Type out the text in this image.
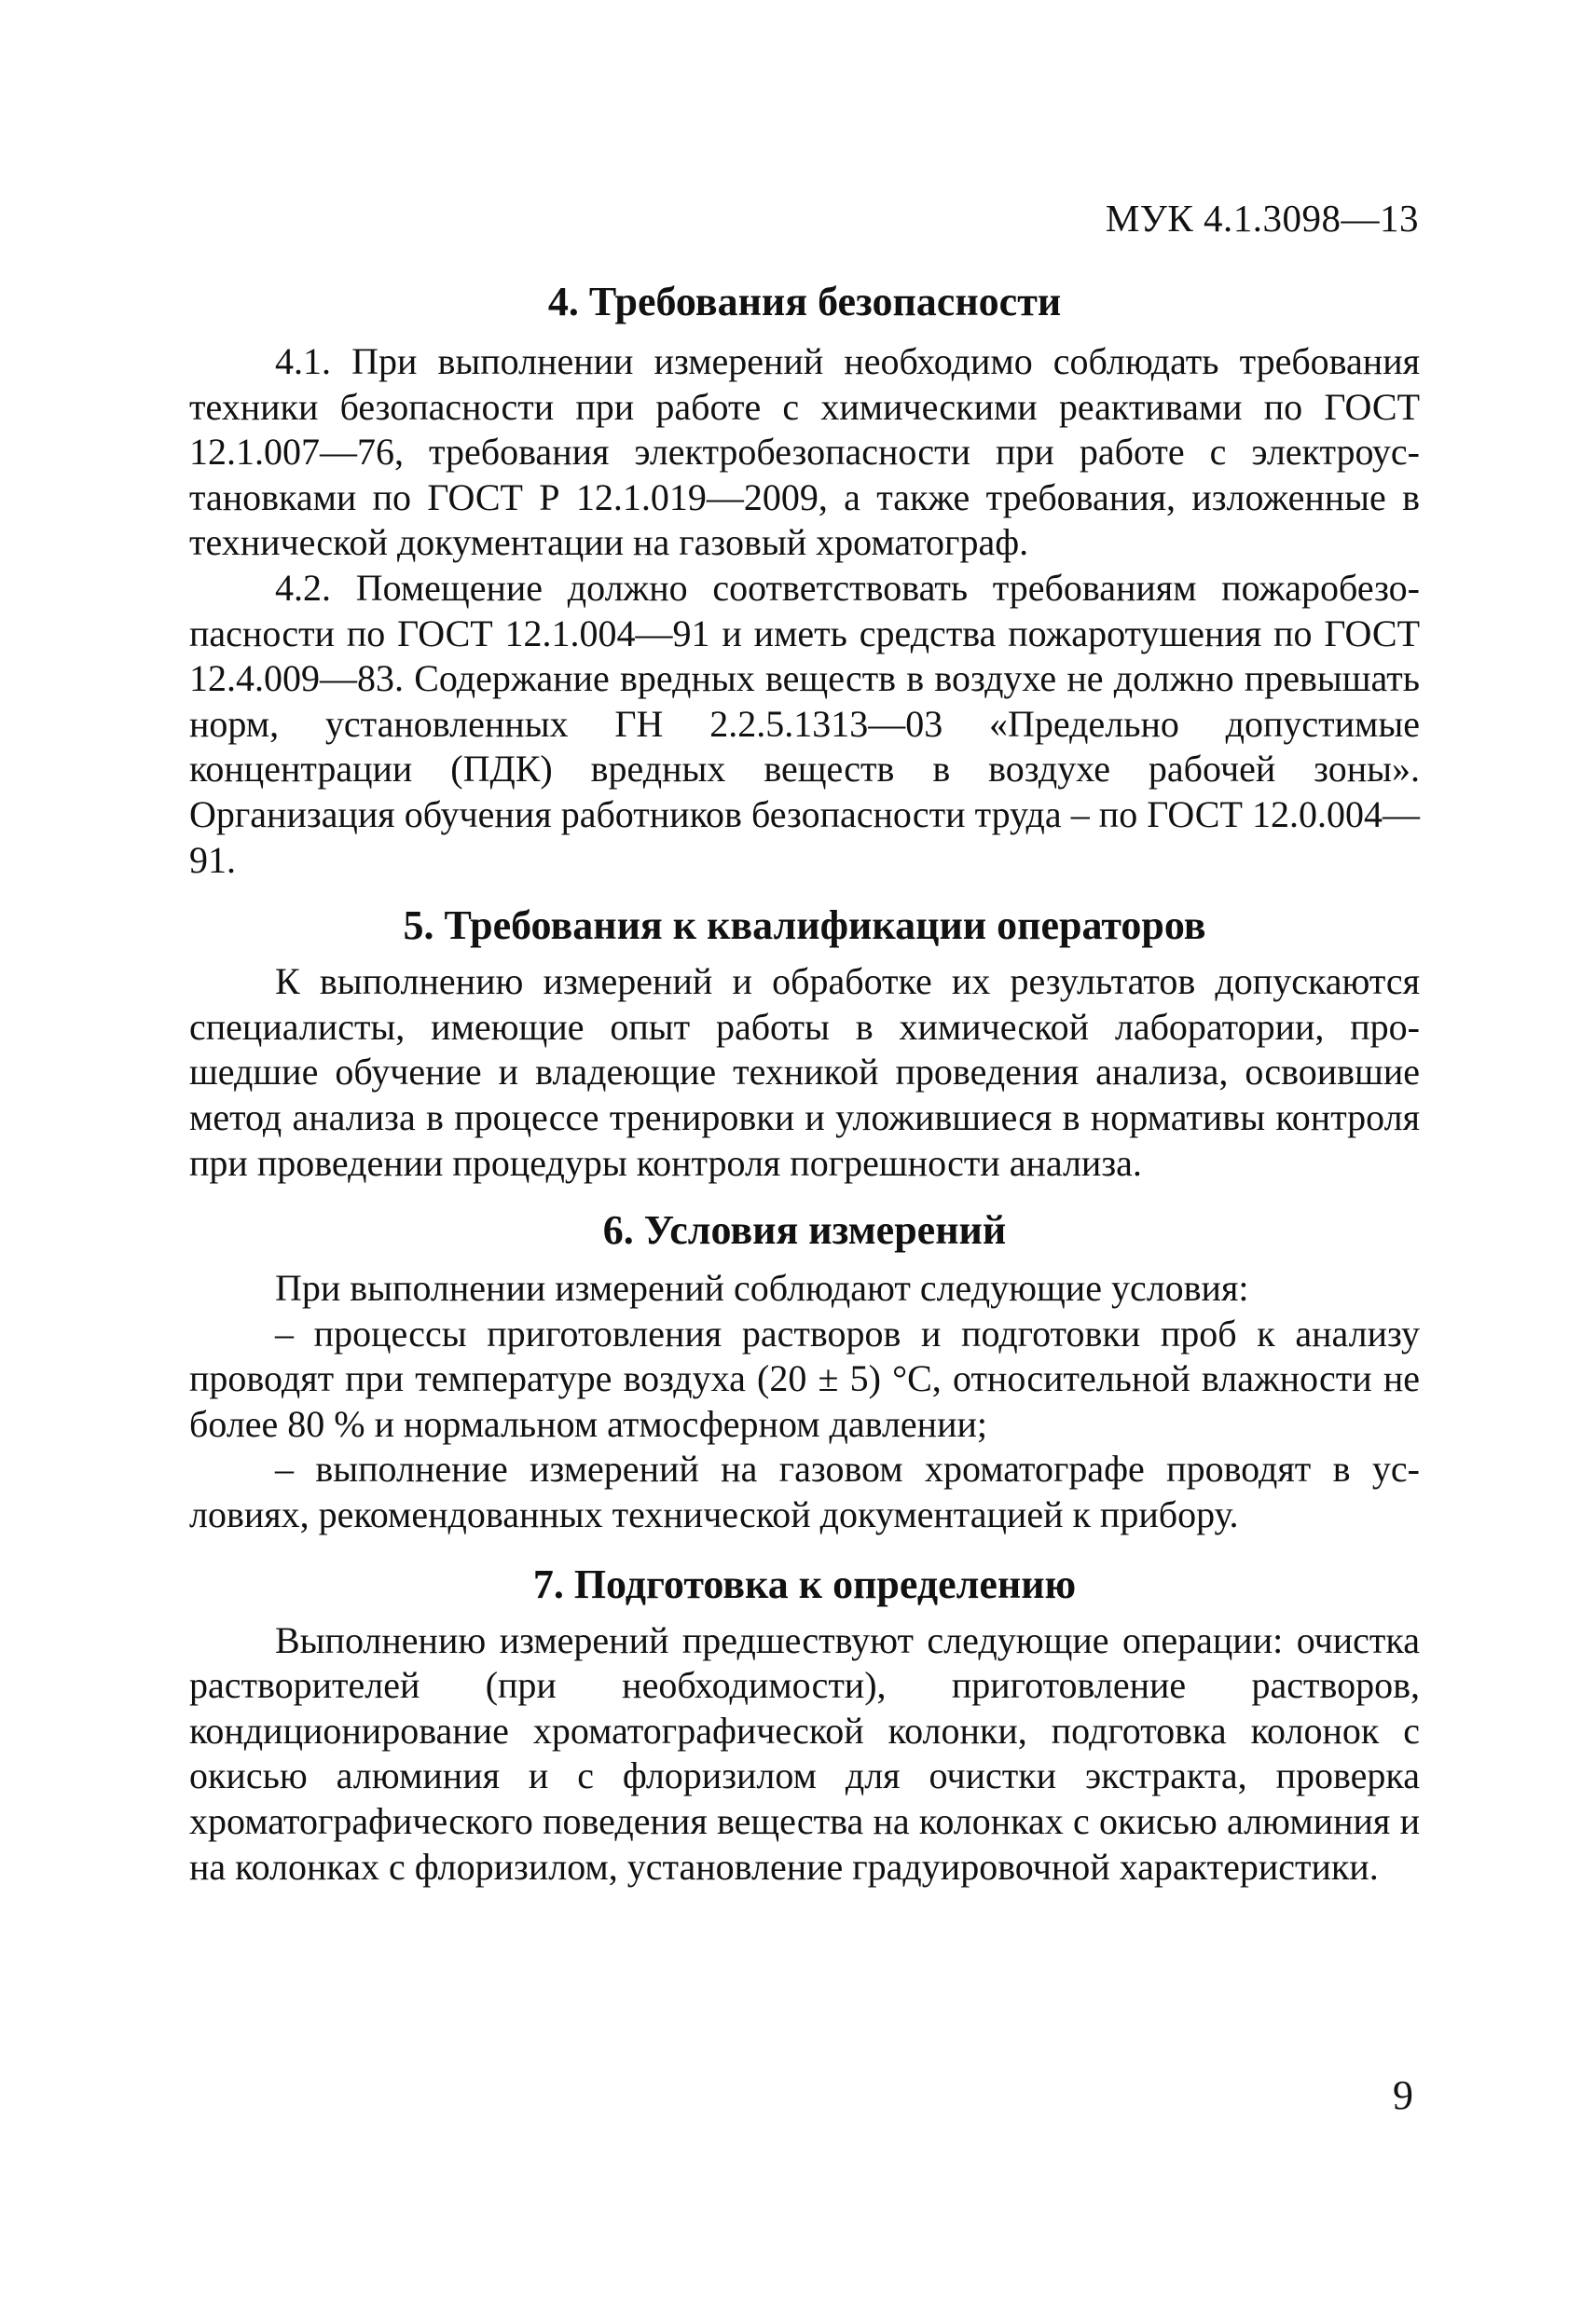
МУК 4.1.3098—13
4. Требования безопасности

4.1. При выполнении измерений необходимо соблюдать требования техники безопасности при работе с химическими реактивами по ГОСТ 12.1.007—76, требования электробезопасности при работе с электроустановками по ГОСТ Р 12.1.019—2009, а также требования, изложенные в технической документации на газовый хроматограф.

4.2. Помещение должно соответствовать требованиям пожаробезопасности по ГОСТ 12.1.004—91 и иметь средства пожаротушения по ГОСТ 12.4.009—83. Содержание вредных веществ в воздухе не должно превышать норм, установленных ГН 2.2.5.1313—03 «Предельно допустимые концентрации (ПДК) вредных веществ в воздухе рабочей зоны». Организация обучения работников безопасности труда – по ГОСТ 12.0.004—91.

5. Требования к квалификации операторов

К выполнению измерений и обработке их результатов допускаются специалисты, имеющие опыт работы в химической лаборатории, прошедшие обучение и владеющие техникой проведения анализа, освоившие метод анализа в процессе тренировки и уложившиеся в нормативы контроля при проведении процедуры контроля погрешности анализа.

6. Условия измерений

При выполнении измерений соблюдают следующие условия:

– процессы приготовления растворов и подготовки проб к анализу проводят при температуре воздуха (20 ± 5) °С, относительной влажности не более 80 % и нормальном атмосферном давлении;

– выполнение измерений на газовом хроматографе проводят в условиях, рекомендованных технической документацией к прибору.

7. Подготовка к определению

Выполнению измерений предшествуют следующие операции: очистка растворителей (при необходимости), приготовление растворов, кондиционирование хроматографической колонки, подготовка колонок с окисью алюминия и с флоризилом для очистки экстракта, проверка хроматографического поведения вещества на колонках с окисью алюминия и на колонках с флоризилом, установление градуировочной характеристики.

9
